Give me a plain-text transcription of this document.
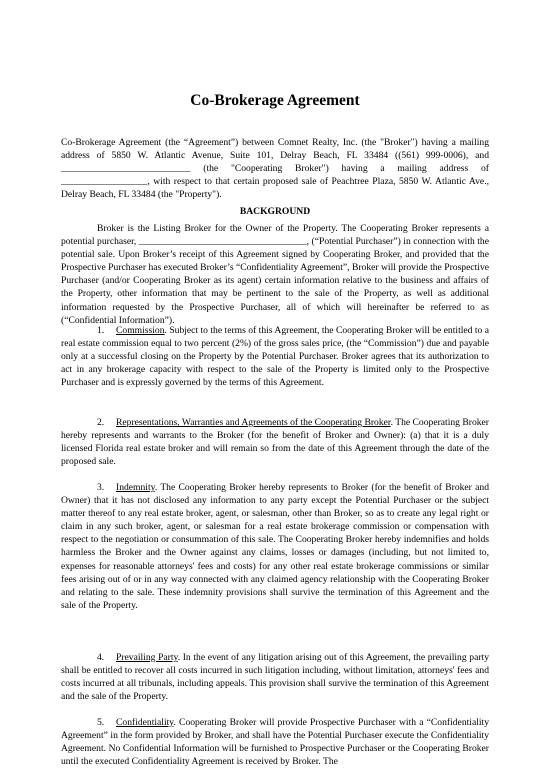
Co-Brokerage Agreement
Co-Brokerage Agreement (the “Agreement”) between Comnet Realty, Inc. (the "Broker") having a mailing address of 5850 W. Atlantic Avenue, Suite 101, Delray Beach, FL 33484 ((561) 999-0006), and ___________________________ (the "Cooperating Broker") having a mailing address of __________________, with respect to that certain proposed sale of Peachtree Plaza, 5850 W. Atlantic Ave., Delray Beach, FL 33484 (the "Property").
BACKGROUND
Broker is the Listing Broker for the Owner of the Property. The Cooperating Broker represents a potential purchaser, ___________________________________, (“Potential Purchaser”) in connection with the potential sale. Upon Broker’s receipt of this Agreement signed by Cooperating Broker, and provided that the Prospective Purchaser has executed Broker’s “Confidentiality Agreement”, Broker will provide the Prospective Purchaser (and/or Cooperating Broker as its agent) certain information relative to the business and affairs of the Property, other information that may be pertinent to the sale of the Property, as well as additional information requested by the Prospective Purchaser, all of which will hereinafter be referred to as (“Confidential Information”).
1. Commission. Subject to the terms of this Agreement, the Cooperating Broker will be entitled to a real estate commission equal to two percent (2%) of the gross sales price, (the “Commission”) due and payable only at a successful closing on the Property by the Potential Purchaser. Broker agrees that its authorization to act in any brokerage capacity with respect to the sale of the Property is limited only to the Prospective Purchaser and is expressly governed by the terms of this Agreement.
2. Representations, Warranties and Agreements of the Cooperating Broker. The Cooperating Broker hereby represents and warrants to the Broker (for the benefit of Broker and Owner): (a) that it is a duly licensed Florida real estate broker and will remain so from the date of this Agreement through the date of the proposed sale.
3. Indemnity. The Cooperating Broker hereby represents to Broker (for the benefit of Broker and Owner) that it has not disclosed any information to any party except the Potential Purchaser or the subject matter thereof to any real estate broker, agent, or salesman, other than Broker, so as to create any legal right or claim in any such broker, agent, or salesman for a real estate brokerage commission or compensation with respect to the negotiation or consummation of this sale. The Cooperating Broker hereby indemnifies and holds harmless the Broker and the Owner against any claims, losses or damages (including, but not limited to, expenses for reasonable attorneys' fees and costs) for any other real estate brokerage commissions or similar fees arising out of or in any way connected with any claimed agency relationship with the Cooperating Broker and relating to the sale. These indemnity provisions shall survive the termination of this Agreement and the sale of the Property.
4. Prevailing Party. In the event of any litigation arising out of this Agreement, the prevailing party shall be entitled to recover all costs incurred in such litigation including, without limitation, attorneys' fees and costs incurred at all tribunals, including appeals. This provision shall survive the termination of this Agreement and the sale of the Property.
5. Confidentiality. Cooperating Broker will provide Prospective Purchaser with a “Confidentiality Agreement” in the form provided by Broker, and shall have the Potential Purchaser execute the Confidentiality Agreement. No Confidential Information will be furnished to Prospective Purchaser or the Cooperating Broker until the executed Confidentiality Agreement is received by Broker. The
